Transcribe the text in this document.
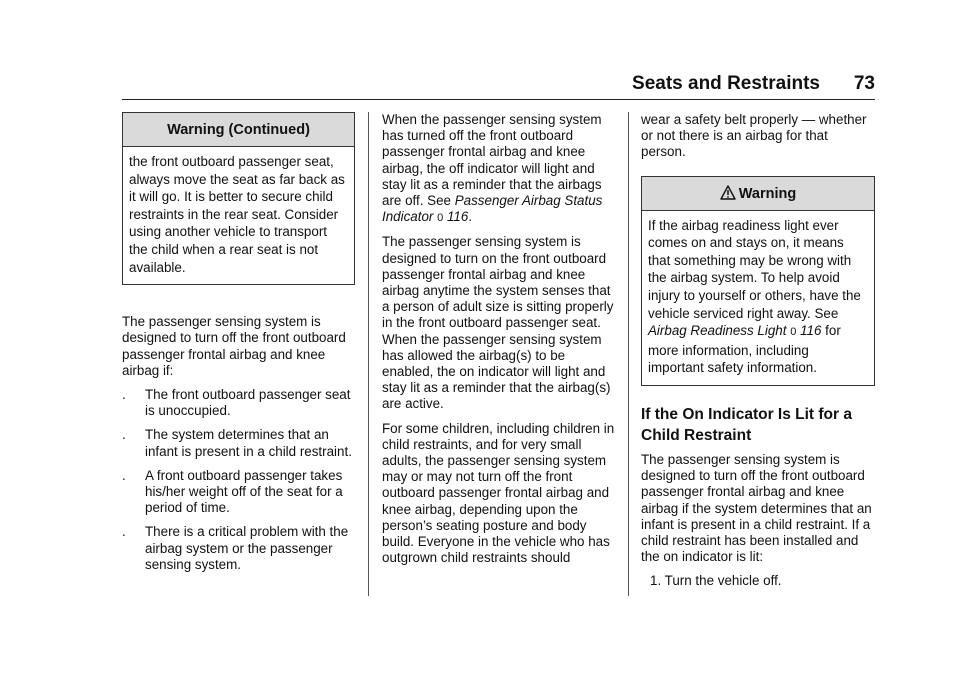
Seats and Restraints 73
Warning (Continued)
the front outboard passenger seat, always move the seat as far back as it will go. It is better to secure child restraints in the rear seat. Consider using another vehicle to transport the child when a rear seat is not available.
The passenger sensing system is designed to turn off the front outboard passenger frontal airbag and knee airbag if:
. The front outboard passenger seat is unoccupied.
. The system determines that an infant is present in a child restraint.
. A front outboard passenger takes his/her weight off of the seat for a period of time.
. There is a critical problem with the airbag system or the passenger sensing system.
When the passenger sensing system has turned off the front outboard passenger frontal airbag and knee airbag, the off indicator will light and stay lit as a reminder that the airbags are off. See Passenger Airbag Status Indicator 0 116.
The passenger sensing system is designed to turn on the front outboard passenger frontal airbag and knee airbag anytime the system senses that a person of adult size is sitting properly in the front outboard passenger seat. When the passenger sensing system has allowed the airbag(s) to be enabled, the on indicator will light and stay lit as a reminder that the airbag(s) are active.
For some children, including children in child restraints, and for very small adults, the passenger sensing system may or may not turn off the front outboard passenger frontal airbag and knee airbag, depending upon the person’s seating posture and body build. Everyone in the vehicle who has outgrown child restraints should
wear a safety belt properly — whether or not there is an airbag for that person.
Warning
If the airbag readiness light ever comes on and stays on, it means that something may be wrong with the airbag system. To help avoid injury to yourself or others, have the vehicle serviced right away. See Airbag Readiness Light 0 116 for more information, including important safety information.
If the On Indicator Is Lit for a Child Restraint
The passenger sensing system is designed to turn off the front outboard passenger frontal airbag and knee airbag if the system determines that an infant is present in a child restraint. If a child restraint has been installed and the on indicator is lit:
1. Turn the vehicle off.
